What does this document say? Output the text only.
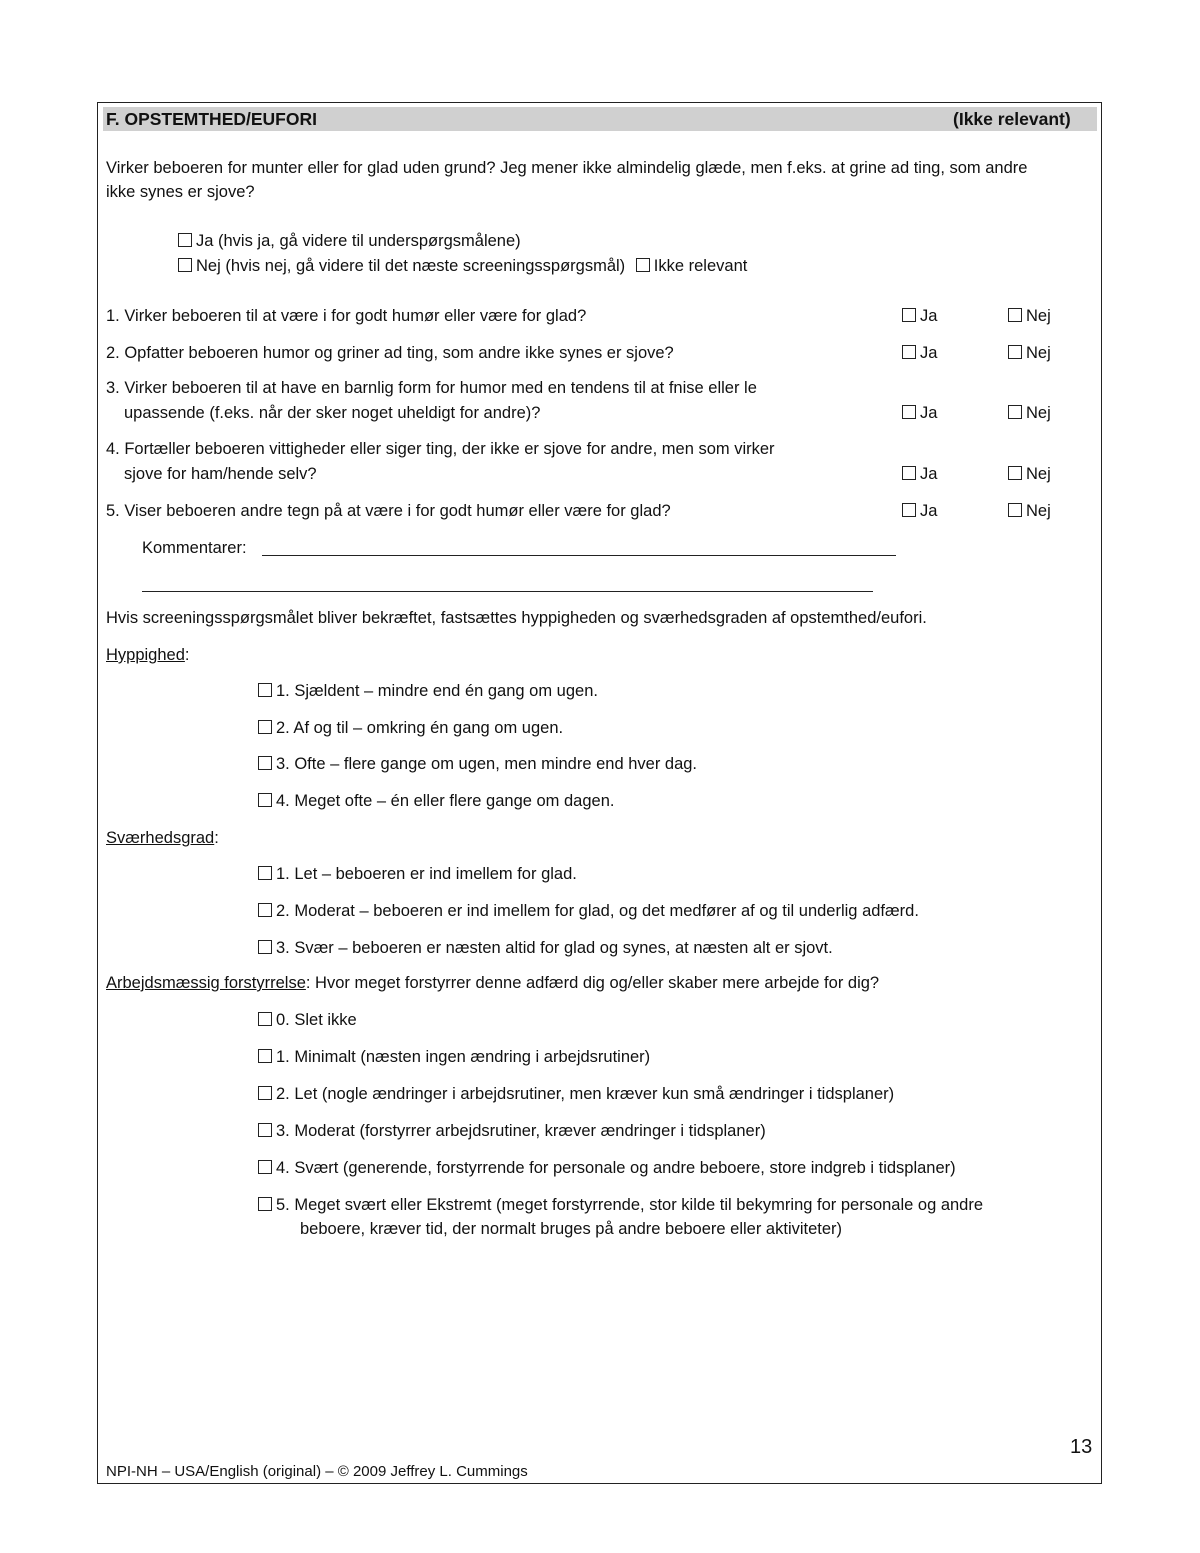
F. OPSTEMTHED/EUFORI	(Ikke relevant)
Virker beboeren for munter eller for glad uden grund? Jeg mener ikke almindelig glæde, men f.eks. at grine ad ting, som andre
ikke synes er sjove?
Ja (hvis ja, gå videre til underspørgsmålene)
Nej (hvis nej, gå videre til det næste screeningsspørgsmål) Ikke relevant
1. Virker beboeren til at være i for godt humør eller være for glad?	Ja	Nej
2. Opfatter beboeren humor og griner ad ting, som andre ikke synes er sjove?	Ja	Nej
3. Virker beboeren til at have en barnlig form for humor med en tendens til at fnise eller le
upassende (f.eks. når der sker noget uheldigt for andre)?	Ja	Nej
4. Fortæller beboeren vittigheder eller siger ting, der ikke er sjove for andre, men som virker
sjove for ham/hende selv?	Ja	Nej
5. Viser beboeren andre tegn på at være i for godt humør eller være for glad?	Ja	Nej
Kommentarer:
Hvis screeningsspørgsmålet bliver bekræftet, fastsættes hyppigheden og sværhedsgraden af opstemthed/eufori.
Hyppighed:
1. Sjældent – mindre end én gang om ugen.
2. Af og til – omkring én gang om ugen.
3. Ofte – flere gange om ugen, men mindre end hver dag.
4. Meget ofte – én eller flere gange om dagen.
Sværhedsgrad:
1. Let – beboeren er ind imellem for glad.
2. Moderat – beboeren er ind imellem for glad, og det medfører af og til underlig adfærd.
3. Svær – beboeren er næsten altid for glad og synes, at næsten alt er sjovt.
Arbejdsmæssig forstyrrelse: Hvor meget forstyrrer denne adfærd dig og/eller skaber mere arbejde for dig?
0. Slet ikke
1. Minimalt (næsten ingen ændring i arbejdsrutiner)
2. Let (nogle ændringer i arbejdsrutiner, men kræver kun små ændringer i tidsplaner)
3. Moderat (forstyrrer arbejdsrutiner, kræver ændringer i tidsplaner)
4. Svært (generende, forstyrrende for personale og andre beboere, store indgreb i tidsplaner)
5. Meget svært eller Ekstremt (meget forstyrrende, stor kilde til bekymring for personale og andre
beboere, kræver tid, der normalt bruges på andre beboere eller aktiviteter)
13
NPI-NH – USA/English (original) – © 2009 Jeffrey L. Cummings
